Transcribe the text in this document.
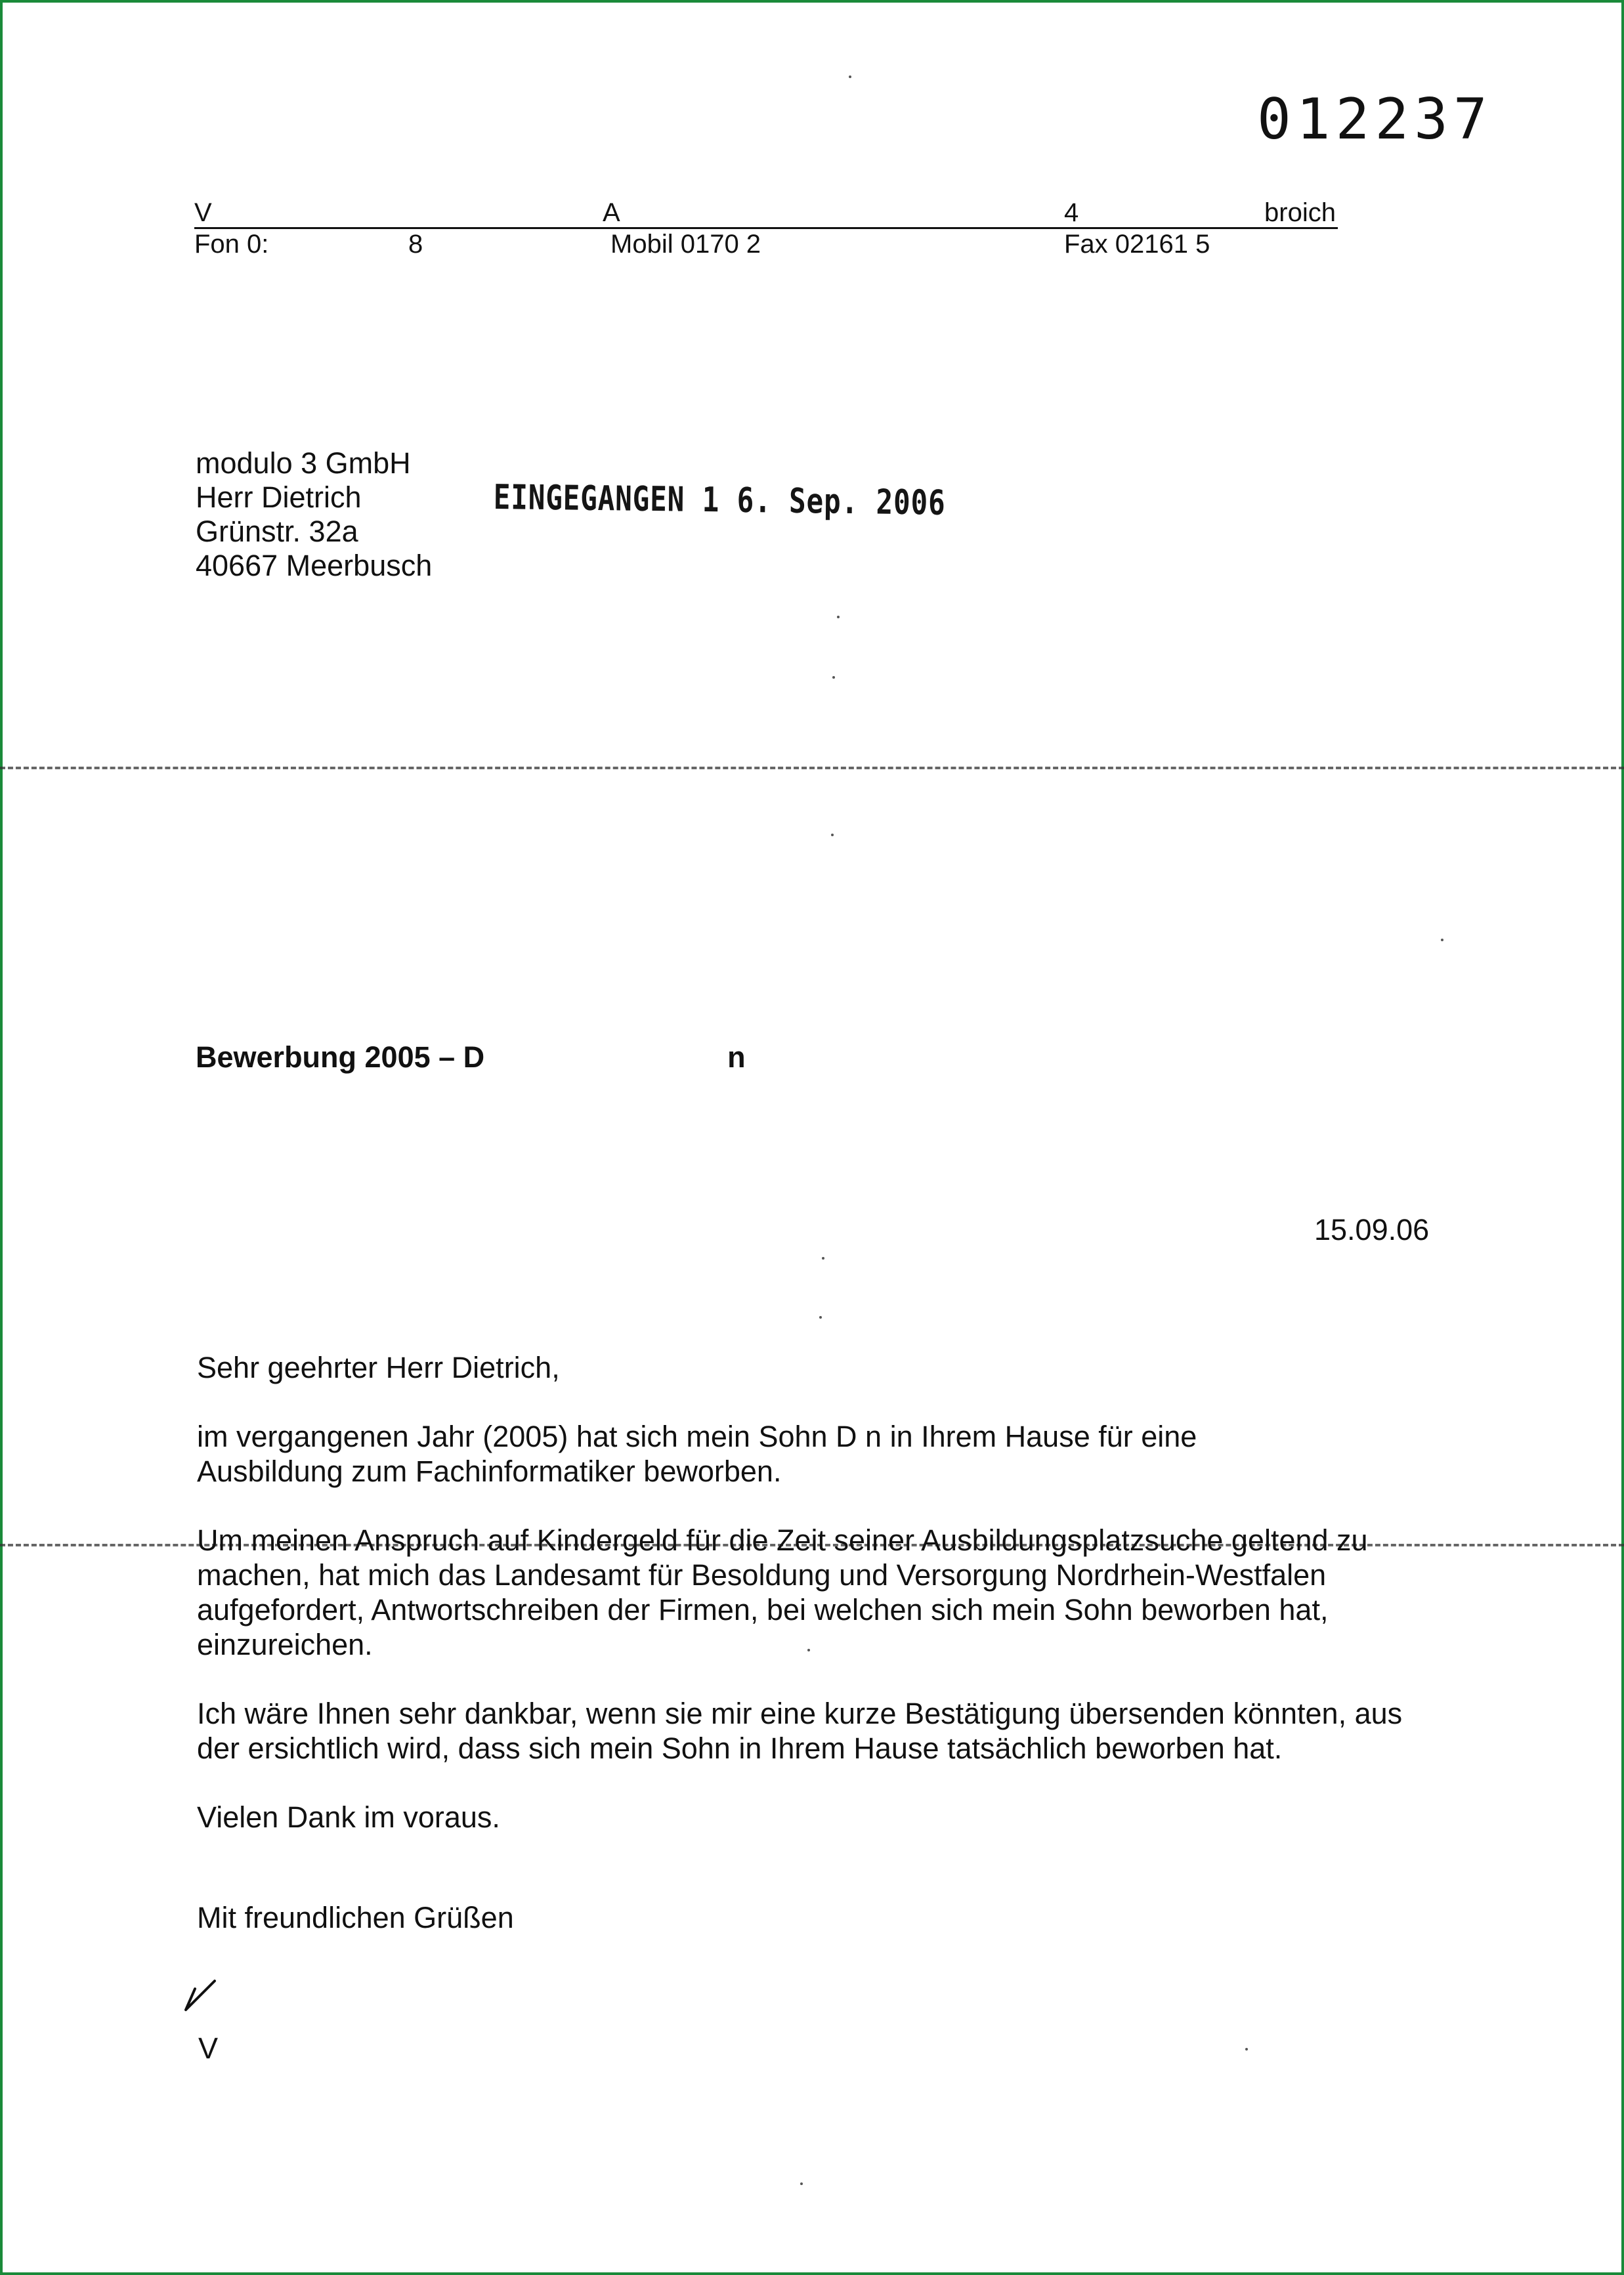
012237
V	A	4	broich
Fon 0:	8	Mobil 0170 2	Fax 02161 5
modulo 3 GmbH
Herr Dietrich
Grünstr. 32a
40667 Meerbusch
EINGEGANGEN 1 6. Sep. 2006
Bewerbung 2005 – D	n
15.09.06

Sehr geehrter Herr Dietrich,

im vergangenen Jahr (2005) hat sich mein Sohn D n in Ihrem Hause für eine
Ausbildung zum Fachinformatiker beworben.

Um meinen Anspruch auf Kindergeld für die Zeit seiner Ausbildungsplatzsuche geltend zu
machen, hat mich das Landesamt für Besoldung und Versorgung Nordrhein-Westfalen
aufgefordert, Antwortschreiben der Firmen, bei welchen sich mein Sohn beworben hat,
einzureichen.

Ich wäre Ihnen sehr dankbar, wenn sie mir eine kurze Bestätigung übersenden könnten, aus
der ersichtlich wird, dass sich mein Sohn in Ihrem Hause tatsächlich beworben hat.

Vielen Dank im voraus.

Mit freundlichen Grüßen

V
